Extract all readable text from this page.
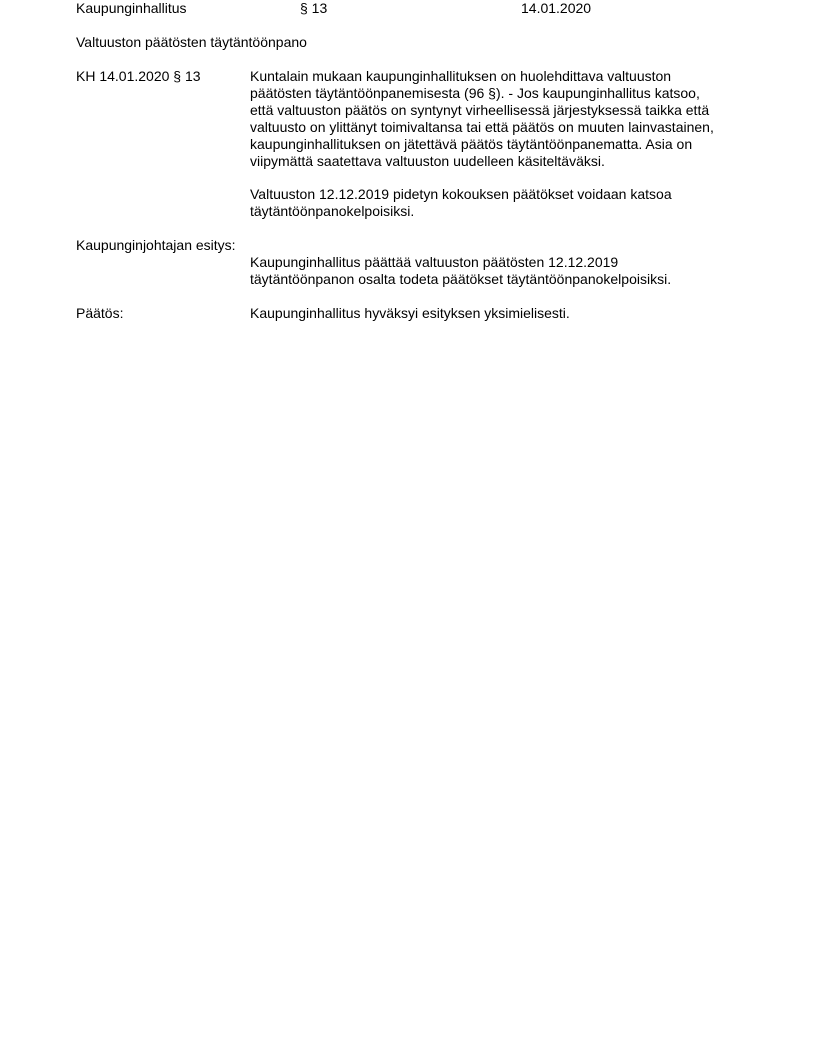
Kaupunginhallitus	§ 13	14.01.2020
Valtuuston päätösten täytäntöönpano
KH 14.01.2020 § 13	Kuntalain mukaan kaupunginhallituksen on huolehdittava valtuuston
päätösten täytäntöönpanemisesta (96 §). - Jos kaupunginhallitus katsoo,
että valtuuston päätös on syntynyt virheellisessä järjestyksessä taikka että
valtuusto on ylittänyt toimivaltansa tai että päätös on muuten lainvastainen,
kaupunginhallituksen on jätettävä päätös täytäntöönpanematta. Asia on
viipymättä saatettava valtuuston uudelleen käsiteltäväksi.
Valtuuston 12.12.2019 pidetyn kokouksen päätökset voidaan katsoa
täytäntöönpanokelpoisiksi.
Kaupunginjohtajan esitys:
Kaupunginhallitus päättää valtuuston päätösten 12.12.2019
täytäntöönpanon osalta todeta päätökset täytäntöönpanokelpoisiksi.
Päätös:	Kaupunginhallitus hyväksyi esityksen yksimielisesti.
